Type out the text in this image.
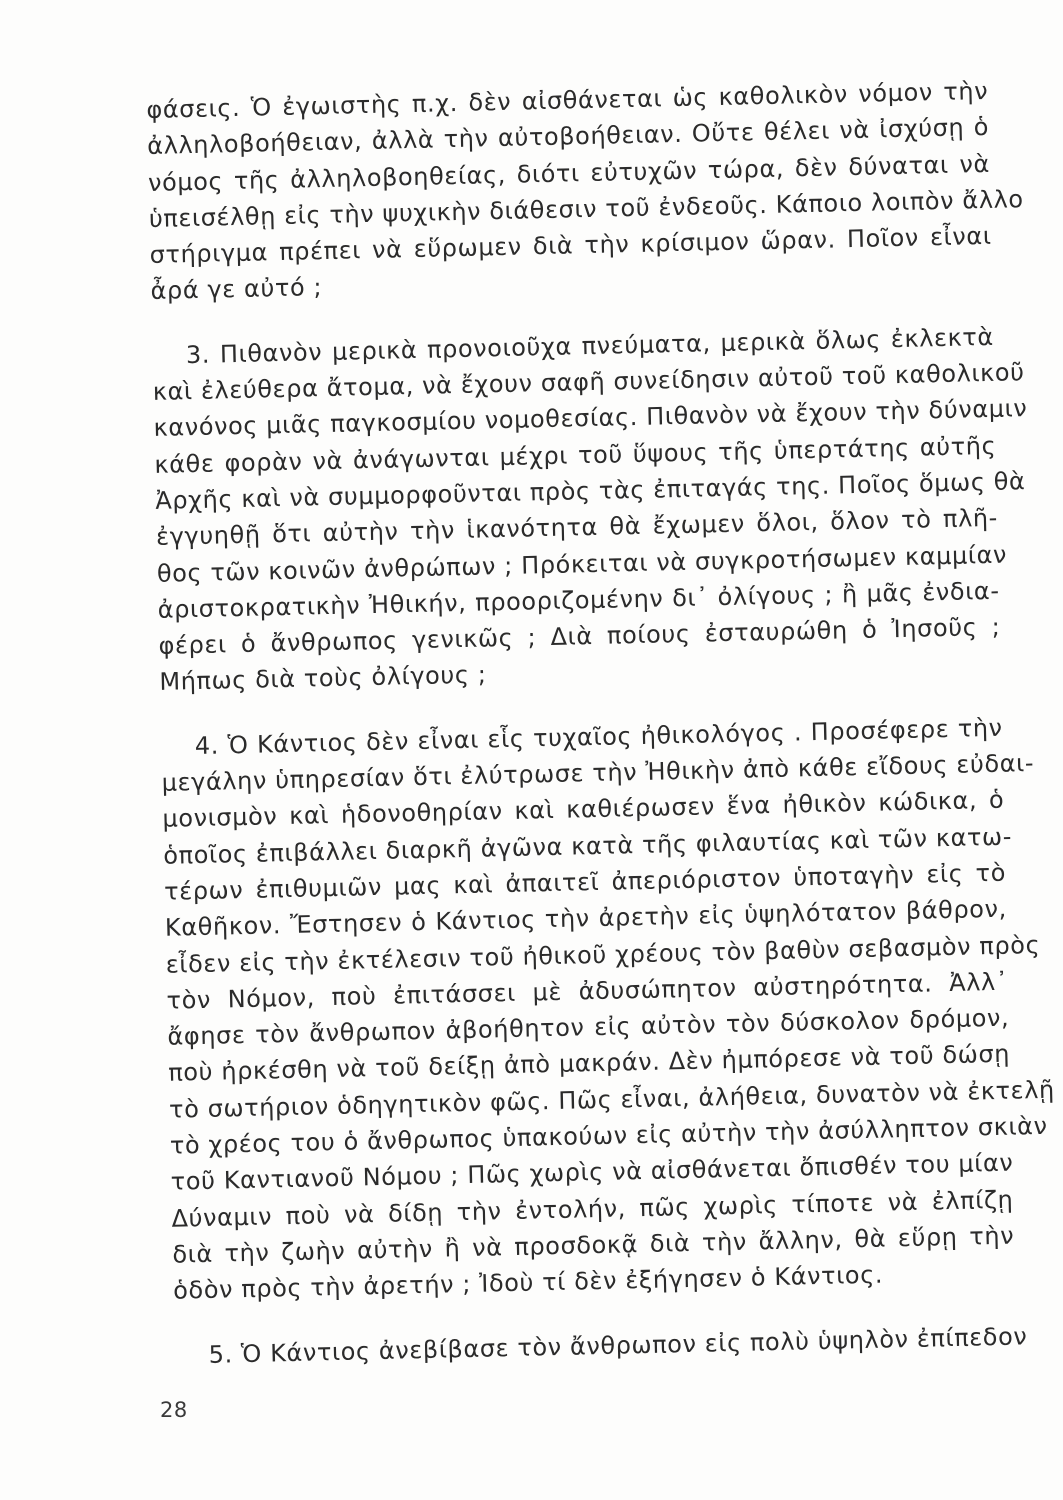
φάσεις. Ὁ ἐγωιστὴς π.χ. δὲν αἰσθάνεται ὡς καθολικὸν νόμον τὴν
ἀλληλοβοήθειαν, ἀλλὰ τὴν αὐτοβοήθειαν. Οὔτε θέλει νὰ ἰσχύσῃ ὁ
νόμος τῆς ἀλληλοβοηθείας, διότι εὐτυχῶν τώρα, δὲν δύναται νὰ
ὑπεισέλθῃ εἰς τὴν ψυχικὴν διάθεσιν τοῦ ἐνδεοῦς. Κάποιο λοιπὸν ἄλλο
στήριγμα πρέπει νὰ εὕρωμεν διὰ τὴν κρίσιμον ὥραν. Ποῖον εἶναι
ἆρά γε αὐτό ;

3. Πιθανὸν μερικὰ προνοιοῦχα πνεύματα, μερικὰ ὅλως ἐκλεκτὰ
καὶ ἐλεύθερα ἄτομα, νὰ ἔχουν σαφῆ συνείδησιν αὐτοῦ τοῦ καθολικοῦ
κανόνος μιᾶς παγκοσμίου νομοθεσίας. Πιθανὸν νὰ ἔχουν τὴν δύναμιν
κάθε φορὰν νὰ ἀνάγωνται μέχρι τοῦ ὕψους τῆς ὑπερτάτης αὐτῆς
Ἀρχῆς καὶ νὰ συμμορφοῦνται πρὸς τὰς ἐπιταγάς της. Ποῖος ὅμως θὰ
ἐγγυηθῇ ὅτι αὐτὴν τὴν ἱκανότητα θὰ ἔχωμεν ὅλοι, ὅλον τὸ πλῆ-
θος τῶν κοινῶν ἀνθρώπων ; Πρόκειται νὰ συγκροτήσωμεν καμμίαν
ἀριστοκρατικὴν Ἠθικήν, προοριζομένην δι᾽ ὀλίγους ; ἢ μᾶς ἐνδια-
φέρει ὁ ἄνθρωπος γενικῶς ; Διὰ ποίους ἐσταυρώθη ὁ Ἰησοῦς ;
Μήπως διὰ τοὺς ὀλίγους ;

4. Ὁ Κάντιος δὲν εἶναι εἷς τυχαῖος ἠθικολόγος . Προσέφερε τὴν
μεγάλην ὑπηρεσίαν ὅτι ἐλύτρωσε τὴν Ἠθικὴν ἀπὸ κάθε εἴδους εὐδαι-
μονισμὸν καὶ ἡδονοθηρίαν καὶ καθιέρωσεν ἕνα ἠθικὸν κώδικα, ὁ
ὁποῖος ἐπιβάλλει διαρκῆ ἀγῶνα κατὰ τῆς φιλαυτίας καὶ τῶν κατω-
τέρων ἐπιθυμιῶν μας καὶ ἀπαιτεῖ ἀπεριόριστον ὑποταγὴν εἰς τὸ
Καθῆκον. Ἔστησεν ὁ Κάντιος τὴν ἀρετὴν εἰς ὑψηλότατον βάθρον,
εἶδεν εἰς τὴν ἐκτέλεσιν τοῦ ἠθικοῦ χρέους τὸν βαθὺν σεβασμὸν πρὸς
τὸν Νόμον, ποὺ ἐπιτάσσει μὲ ἀδυσώπητον αὐστηρότητα. Ἀλλ᾽
ἄφησε τὸν ἄνθρωπον ἀβοήθητον εἰς αὐτὸν τὸν δύσκολον δρόμον,
ποὺ ἠρκέσθη νὰ τοῦ δείξῃ ἀπὸ μακράν. Δὲν ἠμπόρεσε νὰ τοῦ δώσῃ
τὸ σωτήριον ὁδηγητικὸν φῶς. Πῶς εἶναι, ἀλήθεια, δυνατὸν νὰ ἐκτελῇ
τὸ χρέος του ὁ ἄνθρωπος ὑπακούων εἰς αὐτὴν τὴν ἀσύλληπτον σκιὰν
τοῦ Καντιανοῦ Νόμου ; Πῶς χωρὶς νὰ αἰσθάνεται ὄπισθέν του μίαν
Δύναμιν ποὺ νὰ δίδῃ τὴν ἐντολήν, πῶς χωρὶς τίποτε νὰ ἐλπίζῃ
διὰ τὴν ζωὴν αὐτὴν ἢ νὰ προσδοκᾷ διὰ τὴν ἄλλην, θὰ εὕρῃ τὴν
ὁδὸν πρὸς τὴν ἀρετήν ; Ἰδοὺ τί δὲν ἐξήγησεν ὁ Κάντιος.

5. Ὁ Κάντιος ἀνεβίβασε τὸν ἄνθρωπον εἰς πολὺ ὑψηλὸν ἐπίπεδον

28
